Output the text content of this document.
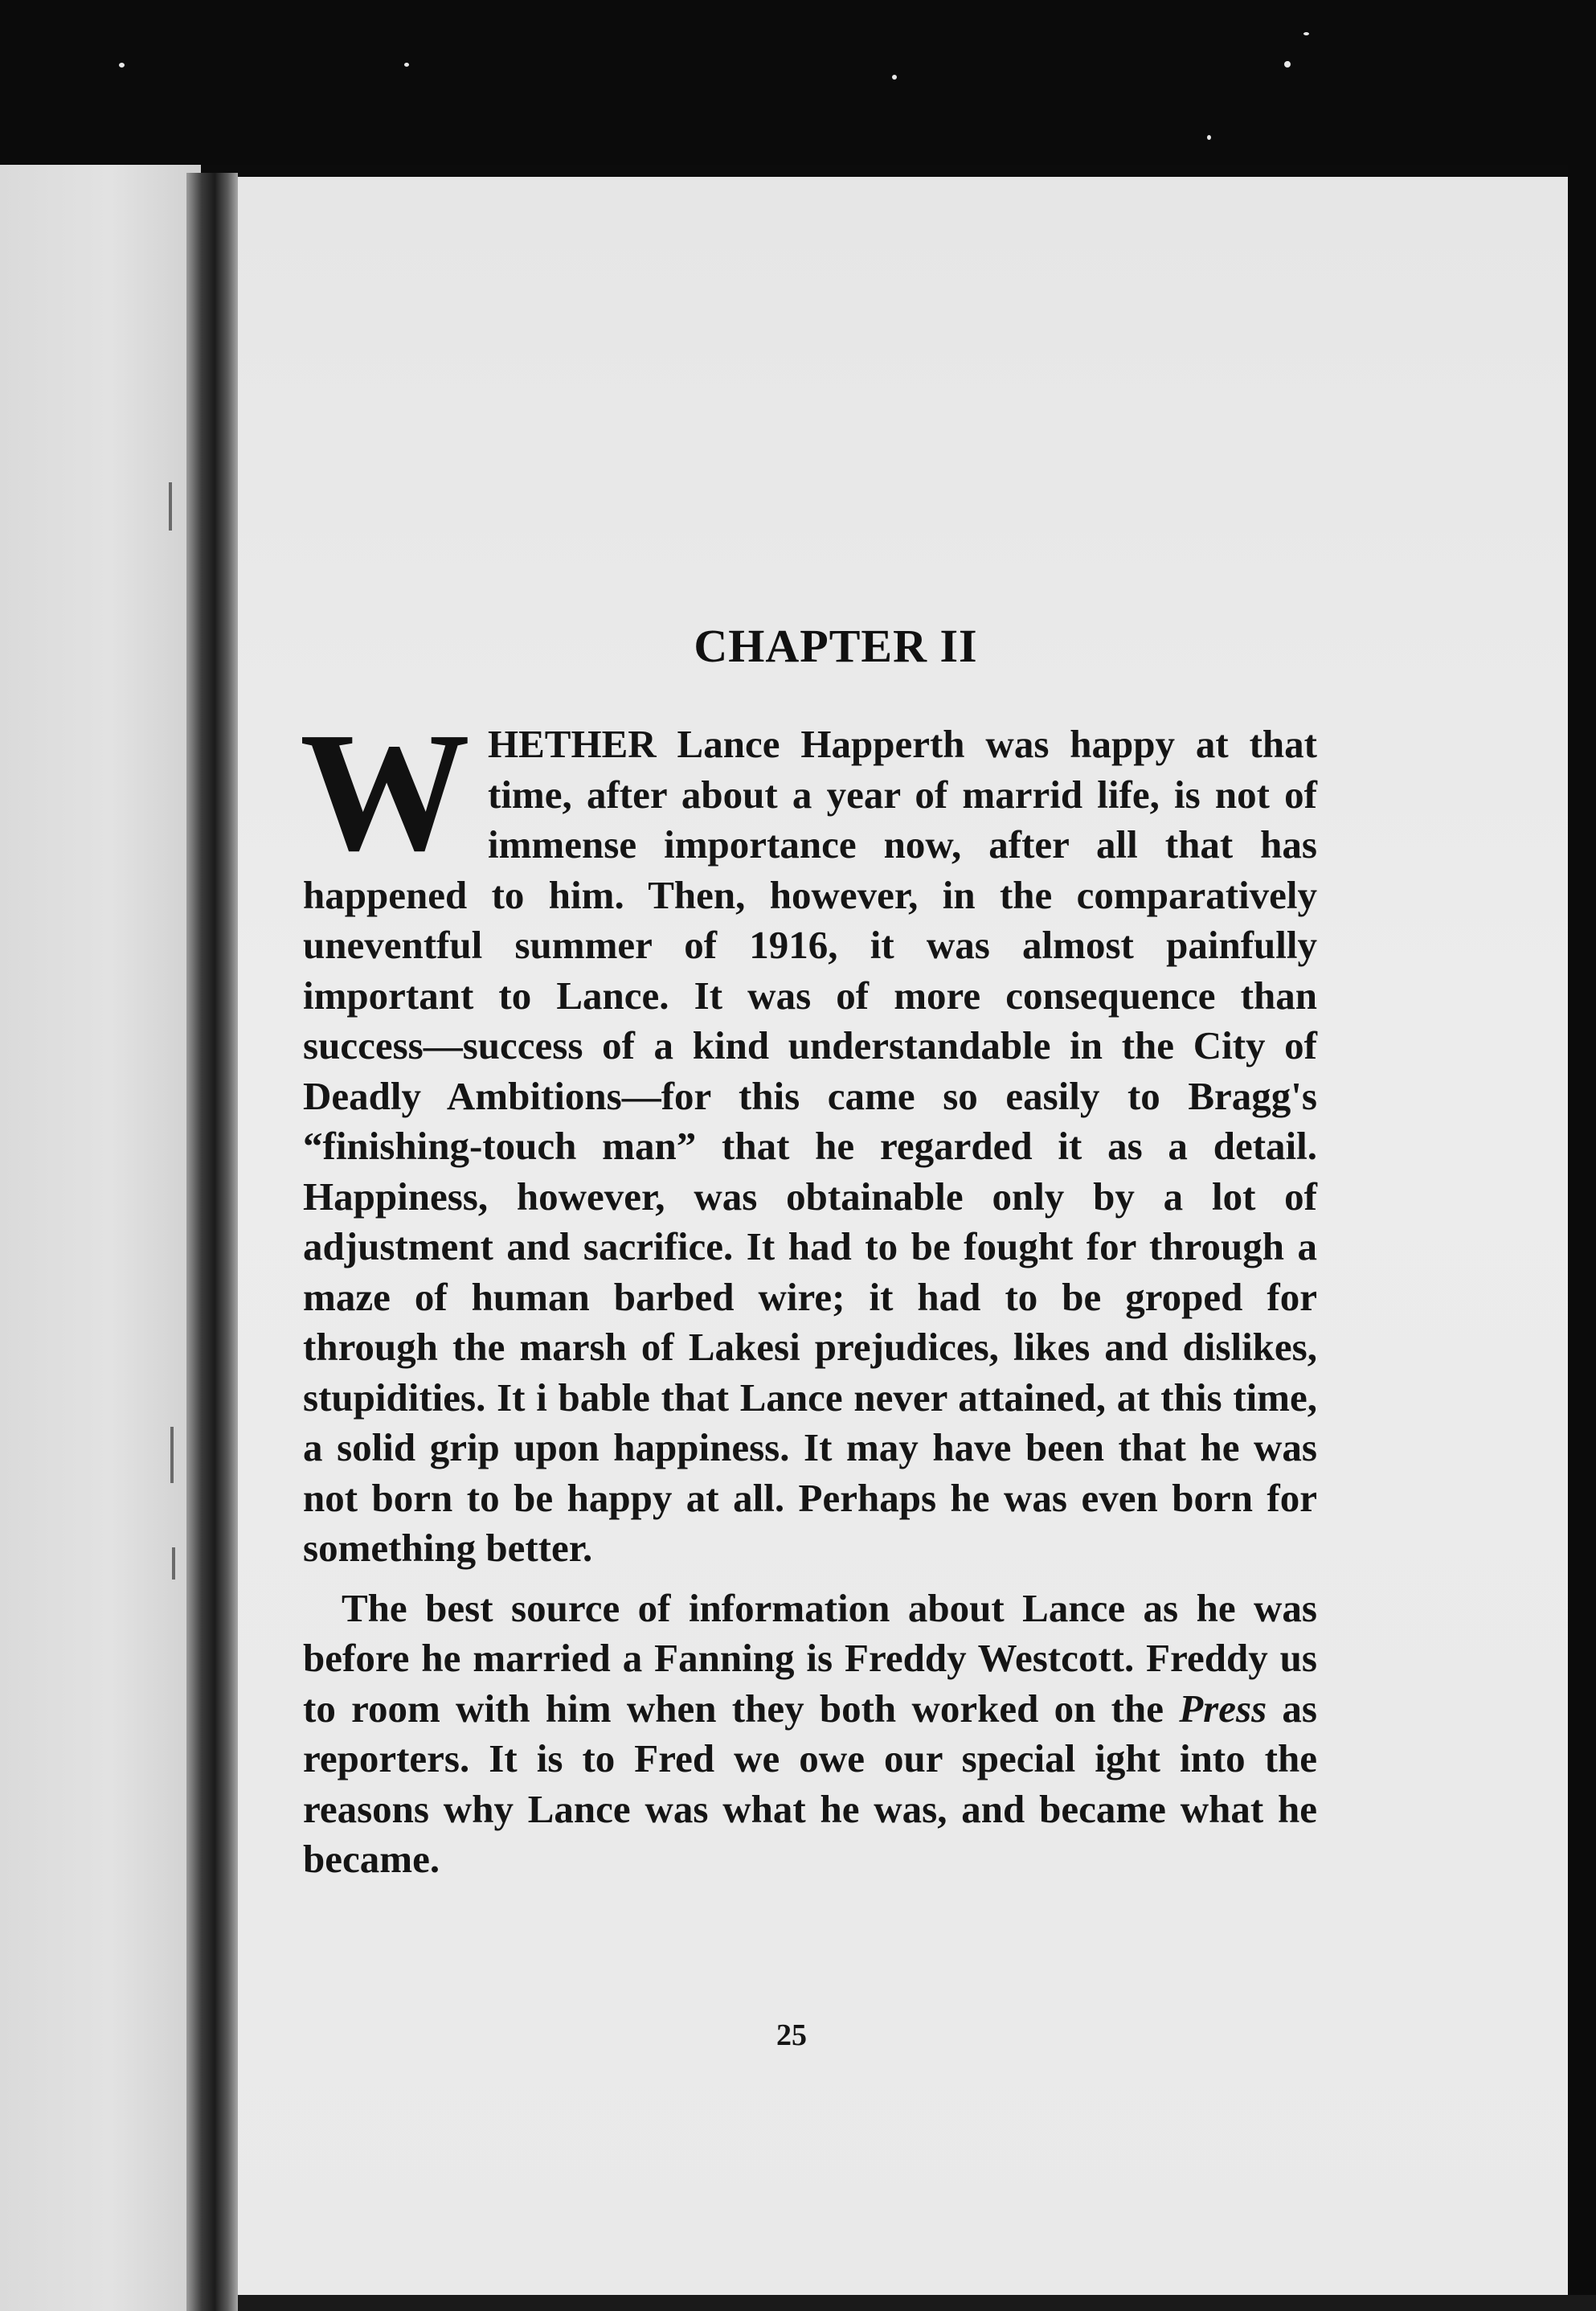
CHAPTER II

WHETHER Lance Happerth was happy at that time, after about a year of marrid life, is not of immense importance now, after all that has happened to him. Then, however, in the comparatively uneventful summer of 1916, it was almost painfully important to Lance. It was of more consequence than success—success of a kind understandable in the City of Deadly Ambitions—for this came so easily to Bragg's “finishing-touch man” that he regarded it as a detail. Happiness, however, was obtainable only by a lot of adjustment and sacrifice. It had to be fought for through a maze of human barbed wire; it had to be groped for through the marsh of Lakesi prejudices, likes and dislikes, stupidities. It i bable that Lance never attained, at this time, a solid grip upon happiness. It may have been that he was not born to be happy at all. Perhaps he was even born for something better.

The best source of information about Lance as he was before he married a Fanning is Freddy Westcott. Freddy us to room with him when they both worked on the Press as reporters. It is to Fred we owe our special ight into the reasons why Lance was what he was, and became what he became.

25
